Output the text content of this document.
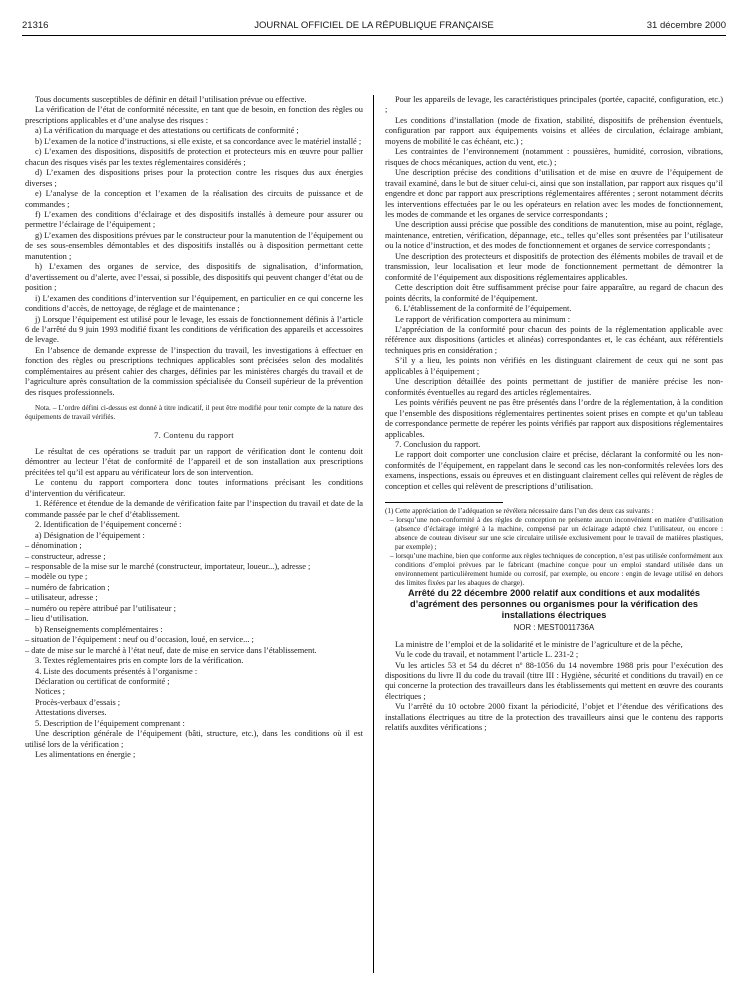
21316	JOURNAL OFFICIEL DE LA RÉPUBLIQUE FRANÇAISE	31 décembre 2000

Tous documents susceptibles de définir en détail l’utilisation prévue ou effective.

La vérification de l’état de conformité nécessite, en tant que de besoin, en fonction des règles ou prescriptions applicables et d’une analyse des risques :

a) La vérification du marquage et des attestations ou certificats de conformité ;

b) L’examen de la notice d’instructions, si elle existe, et sa concordance avec le matériel installé ;

c) L’examen des dispositions, dispositifs de protection et protecteurs mis en œuvre pour pallier chacun des risques visés par les textes réglementaires considérés ;

d) L’examen des dispositions prises pour la protection contre les risques dus aux énergies diverses ;

e) L’analyse de la conception et l’examen de la réalisation des circuits de puissance et de commandes ;

f) L’examen des conditions d’éclairage et des dispositifs installés à demeure pour assurer ou permettre l’éclairage de l’équipement ;

g) L’examen des dispositions prévues par le constructeur pour la manutention de l’équipement ou de ses sous-ensembles démontables et des dispositifs installés ou à disposition permettant cette manutention ;

h) L’examen des organes de service, des dispositifs de signalisation, d’information, d’avertissement ou d’alerte, avec l’essai, si possible, des dispositifs qui peuvent changer d’état ou de position ;

i) L’examen des conditions d’intervention sur l’équipement, en particulier en ce qui concerne les conditions d’accès, de nettoyage, de réglage et de maintenance ;

j) Lorsque l’équipement est utilisé pour le levage, les essais de fonctionnement définis à l’article 6 de l’arrêté du 9 juin 1993 modifié fixant les conditions de vérification des appareils et accessoires de levage.

En l’absence de demande expresse de l’inspection du travail, les investigations à effectuer en fonction des règles ou prescriptions techniques applicables sont précisées selon des modalités complémentaires au présent cahier des charges, définies par les ministères chargés du travail et de l’agriculture après consultation de la commission spécialisée du Conseil supérieur de la prévention des risques professionnels.

Nota. – L’ordre défini ci-dessus est donné à titre indicatif, il peut être modifié pour tenir compte de la nature des équipements de travail vérifiés.

7. Contenu du rapport

Le résultat de ces opérations se traduit par un rapport de vérification dont le contenu doit démontrer au lecteur l’état de conformité de l’appareil et de son installation aux prescriptions précitées tel qu’il est apparu au vérificateur lors de son intervention.

Le contenu du rapport comportera donc toutes informations précisant les conditions d’intervention du vérificateur.

1. Référence et étendue de la demande de vérification faite par l’inspection du travail et date de la commande passée par le chef d’établissement.

2. Identification de l’équipement concerné :

a) Désignation de l’équipement :

– dénomination ;

– constructeur, adresse ;

– responsable de la mise sur le marché (constructeur, importateur, loueur...), adresse ;

– modèle ou type ;

– numéro de fabrication ;

– utilisateur, adresse ;

– numéro ou repère attribué par l’utilisateur ;

– lieu d’utilisation.

b) Renseignements complémentaires :

– situation de l’équipement : neuf ou d’occasion, loué, en service... ;

– date de mise sur le marché à l’état neuf, date de mise en service dans l’établissement.

3. Textes réglementaires pris en compte lors de la vérification.

4. Liste des documents présentés à l’organisme :

Déclaration ou certificat de conformité ;

Notices ;

Procès-verbaux d’essais ;

Attestations diverses.

5. Description de l’équipement comprenant :

Une description générale de l’équipement (bâti, structure, etc.), dans les conditions où il est utilisé lors de la vérification ;

Les alimentations en énergie ;

Pour les appareils de levage, les caractéristiques principales (portée, capacité, configuration, etc.) ;

Les conditions d’installation (mode de fixation, stabilité, dispositifs de préhension éventuels, configuration par rapport aux équipements voisins et allées de circulation, éclairage ambiant, moyens de mobilité le cas échéant, etc.) ;

Les contraintes de l’environnement (notamment : poussières, humidité, corrosion, vibrations, risques de chocs mécaniques, action du vent, etc.) ;

Une description précise des conditions d’utilisation et de mise en œuvre de l’équipement de travail examiné, dans le but de situer celui-ci, ainsi que son installation, par rapport aux risques qu’il engendre et donc par rapport aux prescriptions réglementaires afférentes ; seront notamment décrits les interventions effectuées par le ou les opérateurs en relation avec les modes de fonctionnement, les modes de commande et les organes de service correspondants ;

Une description aussi précise que possible des conditions de manutention, mise au point, réglage, maintenance, entretien, vérification, dépannage, etc., telles qu’elles sont présentées par l’utilisateur ou la notice d’instruction, et des modes de fonctionnement et organes de service correspondants ;

Une description des protecteurs et dispositifs de protection des éléments mobiles de travail et de transmission, leur localisation et leur mode de fonctionnement permettant de démontrer la conformité de l’équipement aux dispositions réglementaires applicables.

Cette description doit être suffisamment précise pour faire apparaître, au regard de chacun des points décrits, la conformité de l’équipement.

6. L’établissement de la conformité de l’équipement.

Le rapport de vérification comportera au minimum :

L’appréciation de la conformité pour chacun des points de la réglementation applicable avec référence aux dispositions (articles et alinéas) correspondantes et, le cas échéant, aux référentiels techniques pris en considération ;

S’il y a lieu, les points non vérifiés en les distinguant clairement de ceux qui ne sont pas applicables à l’équipement ;

Une description détaillée des points permettant de justifier de manière précise les non-conformités éventuelles au regard des articles réglementaires.

Les points vérifiés peuvent ne pas être présentés dans l’ordre de la réglementation, à la condition que l’ensemble des dispositions réglementaires pertinentes soient prises en compte et qu’un tableau de correspondance permette de repérer les points vérifiés par rapport aux dispositions réglementaires applicables.

7. Conclusion du rapport.

Le rapport doit comporter une conclusion claire et précise, déclarant la conformité ou les non-conformités de l’équipement, en rappelant dans le second cas les non-conformités relevées lors des examens, inspections, essais ou épreuves et en distinguant clairement celles qui relèvent de règles de conception et celles qui relèvent de prescriptions d’utilisation.

(1) Cette appréciation de l’adéquation se révélera nécessaire dans l’un des deux cas suivants :

– lorsqu’une non-conformité à des règles de conception ne présente aucun inconvénient en matière d’utilisation (absence d’éclairage intégré à la machine, compensé par un éclairage adapté chez l’utilisateur, ou encore : absence de couteau diviseur sur une scie circulaire utilisée exclusivement pour le travail de matières plastiques, par exemple) ;

– lorsqu’une machine, bien que conforme aux règles techniques de conception, n’est pas utilisée conformément aux conditions d’emploi prévues par le fabricant (machine conçue pour un emploi standard utilisée dans un environnement particulièrement humide ou corrosif, par exemple, ou encore : engin de levage utilisé en dehors des limites fixées par les abaques de charge).

Arrêté du 22 décembre 2000 relatif aux conditions et aux modalités d’agrément des personnes ou organismes pour la vérification des installations électriques

NOR : MEST0011736A

La ministre de l’emploi et de la solidarité et le ministre de l’agriculture et de la pêche,

Vu le code du travail, et notamment l’article L. 231-2 ;

Vu les articles 53 et 54 du décret nº 88-1056 du 14 novembre 1988 pris pour l’exécution des dispositions du livre II du code du travail (titre III : Hygiène, sécurité et conditions du travail) en ce qui concerne la protection des travailleurs dans les établissements qui mettent en œuvre des courants électriques ;

Vu l’arrêté du 10 octobre 2000 fixant la périodicité, l’objet et l’étendue des vérifications des installations électriques au titre de la protection des travailleurs ainsi que le contenu des rapports relatifs auxdites vérifications ;
